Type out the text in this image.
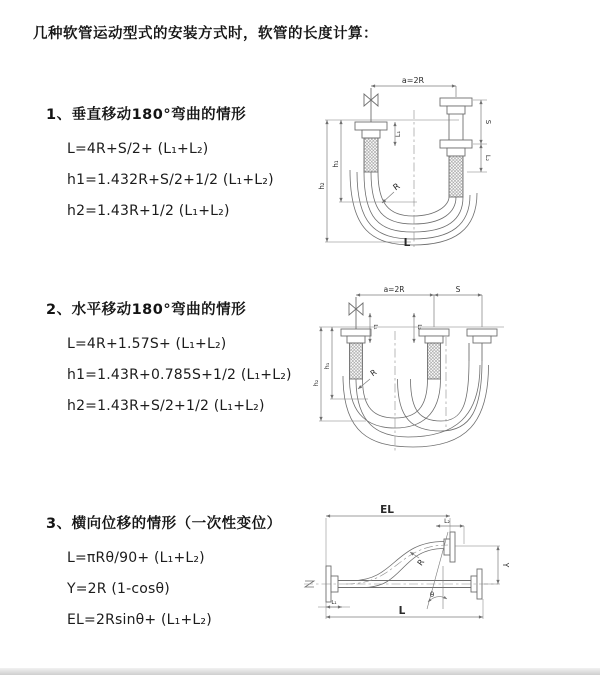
几种软管运动型式的安装方式时，软管的长度计算：
1、垂直移动180°弯曲的情形
L=4R+S/2+ (L₁+L₂)
h1=1.432R+S/2+1/2 (L₁+L₂)
h2=1.43R+1/2 (L₁+L₂)
a=2R
L₁
h₁
h₂
S
L₂
R
L
2、水平移动180°弯曲的情形
L=4R+1.57S+ (L₁+L₂)
h1=1.43R+0.785S+1/2 (L₁+L₂)
h2=1.43R+S/2+1/2 (L₁+L₂)
a=2R	S
L₁	L₂
h₁
h₂
R
3、横向位移的情形（一次性变位）
L=πRθ/90+ (L₁+L₂)
Y=2R (1-cosθ)
EL=2Rsinθ+ (L₁+L₂)
EL
L₂
Y
R
θ
L₁
L
